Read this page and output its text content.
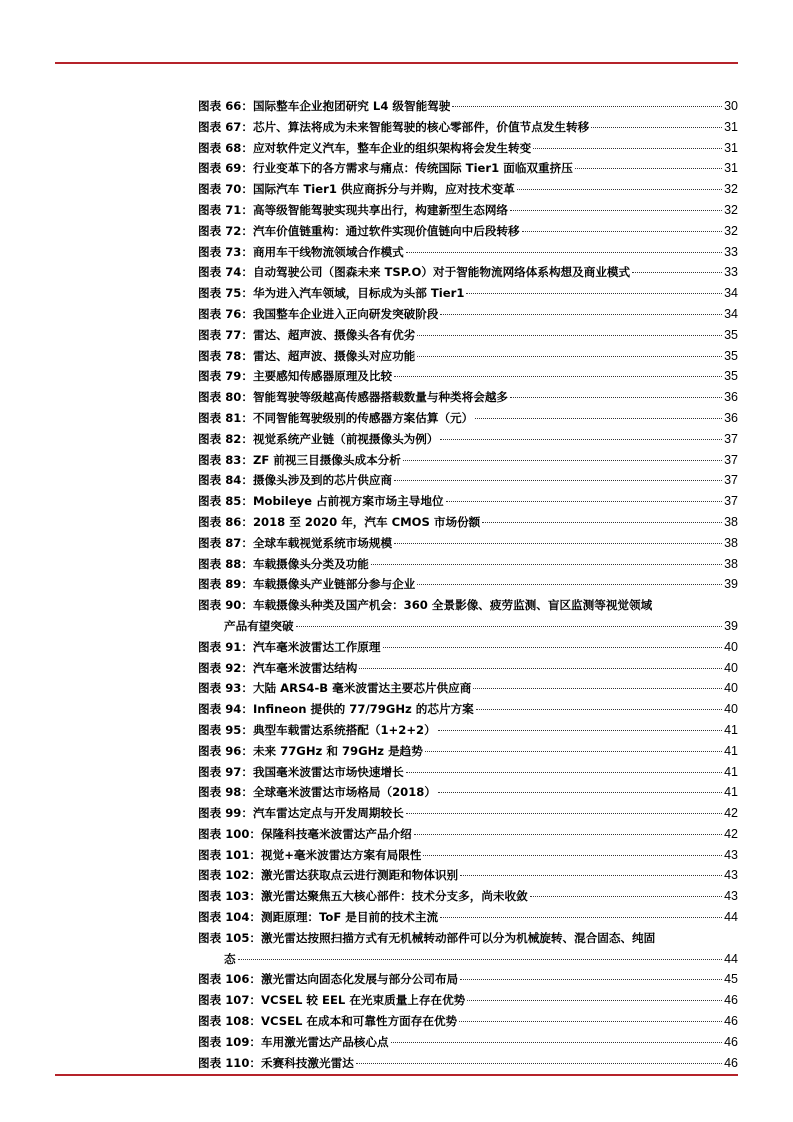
图表 66： 国际整车企业抱团研究 L4 级智能驾驶	30
图表 67： 芯片、算法将成为未来智能驾驶的核心零部件，价值节点发生转移	31
图表 68： 应对软件定义汽车，整车企业的组织架构将会发生转变	31
图表 69： 行业变革下的各方需求与痛点：传统国际 Tier1 面临双重挤压	31
图表 70： 国际汽车 Tier1 供应商拆分与并购，应对技术变革	32
图表 71： 高等级智能驾驶实现共享出行，构建新型生态网络	32
图表 72： 汽车价值链重构：通过软件实现价值链向中后段转移	32
图表 73： 商用车干线物流领域合作模式	33
图表 74： 自动驾驶公司（图森未来 TSP.O）对于智能物流网络体系构想及商业模式	33
图表 75： 华为进入汽车领域，目标成为头部 Tier1	34
图表 76： 我国整车企业进入正向研发突破阶段	34
图表 77： 雷达、超声波、摄像头各有优劣	35
图表 78： 雷达、超声波、摄像头对应功能	35
图表 79： 主要感知传感器原理及比较	35
图表 80： 智能驾驶等级越高传感器搭载数量与种类将会越多	36
图表 81： 不同智能驾驶级别的传感器方案估算（元）	36
图表 82： 视觉系统产业链（前视摄像头为例）	37
图表 83： ZF 前视三目摄像头成本分析	37
图表 84： 摄像头涉及到的芯片供应商	37
图表 85： Mobileye 占前视方案市场主导地位	37
图表 86： 2018 至 2020 年，汽车 CMOS 市场份额	38
图表 87： 全球车载视觉系统市场规模	38
图表 88： 车载摄像头分类及功能	38
图表 89： 车载摄像头产业链部分参与企业	39
图表 90： 车载摄像头种类及国产机会：360 全景影像、疲劳监测、盲区监测等视觉领域
产品有望突破	39
图表 91： 汽车毫米波雷达工作原理	40
图表 92： 汽车毫米波雷达结构	40
图表 93： 大陆 ARS4-B 毫米波雷达主要芯片供应商	40
图表 94： Infineon 提供的 77/79GHz 的芯片方案	40
图表 95： 典型车载雷达系统搭配（1+2+2）	41
图表 96： 未来 77GHz 和 79GHz 是趋势	41
图表 97： 我国毫米波雷达市场快速增长	41
图表 98： 全球毫米波雷达市场格局（2018）	41
图表 99： 汽车雷达定点与开发周期较长	42
图表 100： 保隆科技毫米波雷达产品介绍	42
图表 101： 视觉+毫米波雷达方案有局限性	43
图表 102： 激光雷达获取点云进行测距和物体识别	43
图表 103： 激光雷达聚焦五大核心部件：技术分支多，尚未收敛	43
图表 104： 测距原理：ToF 是目前的技术主流	44
图表 105： 激光雷达按照扫描方式有无机械转动部件可以分为机械旋转、混合固态、纯固
态	44
图表 106： 激光雷达向固态化发展与部分公司布局	45
图表 107： VCSEL 较 EEL 在光束质量上存在优势	46
图表 108： VCSEL 在成本和可靠性方面存在优势	46
图表 109： 车用激光雷达产品核心点	46
图表 110： 禾赛科技激光雷达	46
